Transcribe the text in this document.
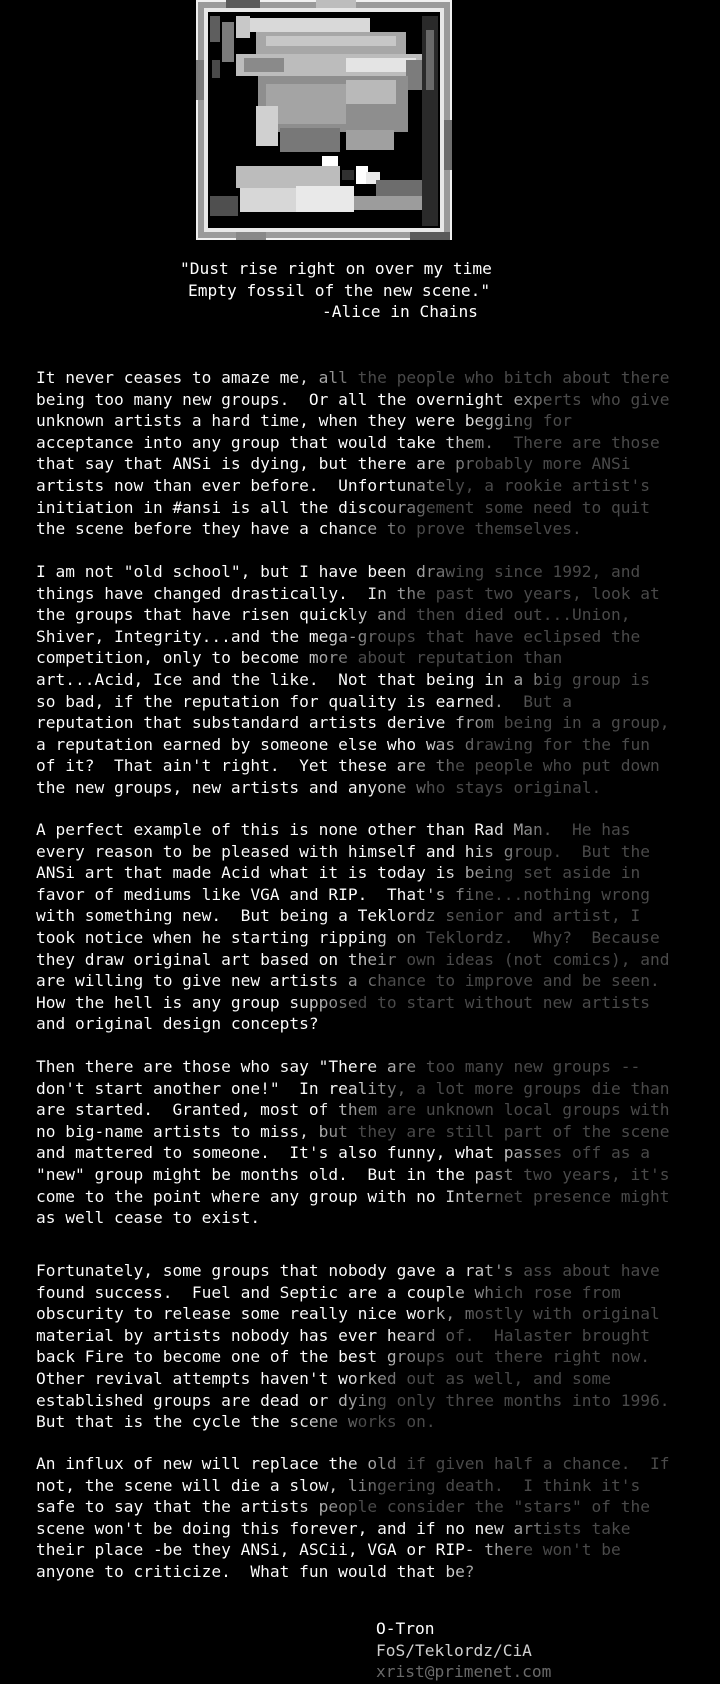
"Dust rise right on over my time
Empty fossil of the new scene."
-Alice in Chains
It never ceases to amaze me, all the people who bitch about there
being too many new groups.  Or all the overnight experts who give
unknown artists a hard time, when they were begging for
acceptance into any group that would take them.  There are those
that say that ANSi is dying, but there are probably more ANSi
artists now than ever before.  Unfortunately, a rookie artist's
initiation in #ansi is all the discouragement some need to quit
the scene before they have a chance to prove themselves.
I am not "old school", but I have been drawing since 1992, and
things have changed drastically.  In the past two years, look at
the groups that have risen quickly and then died out...Union,
Shiver, Integrity...and the mega-groups that have eclipsed the
competition, only to become more about reputation than
art...Acid, Ice and the like.  Not that being in a big group is
so bad, if the reputation for quality is earned.  But a
reputation that substandard artists derive from being in a group,
a reputation earned by someone else who was drawing for the fun
of it?  That ain't right.  Yet these are the people who put down
the new groups, new artists and anyone who stays original.
A perfect example of this is none other than Rad Man.  He has
every reason to be pleased with himself and his group.  But the
ANSi art that made Acid what it is today is being set aside in
favor of mediums like VGA and RIP.  That's fine...nothing wrong
with something new.  But being a Teklordz senior and artist, I
took notice when he starting ripping on Teklordz.  Why?  Because
they draw original art based on their own ideas (not comics), and
are willing to give new artists a chance to improve and be seen.
How the hell is any group supposed to start without new artists
and original design concepts?
Then there are those who say "There are too many new groups --
don't start another one!"  In reality, a lot more groups die than
are started.  Granted, most of them are unknown local groups with
no big-name artists to miss, but they are still part of the scene
and mattered to someone.  It's also funny, what passes off as a
"new" group might be months old.  But in the past two years, it's
come to the point where any group with no Internet presence might
as well cease to exist.
Fortunately, some groups that nobody gave a rat's ass about have
found success.  Fuel and Septic are a couple which rose from
obscurity to release some really nice work, mostly with original
material by artists nobody has ever heard of.  Halaster brought
back Fire to become one of the best groups out there right now.
Other revival attempts haven't worked out as well, and some
established groups are dead or dying only three months into 1996.
But that is the cycle the scene works on.
An influx of new will replace the old if given half a chance.  If
not, the scene will die a slow, lingering death.  I think it's
safe to say that the artists people consider the "stars" of the
scene won't be doing this forever, and if no new artists take
their place -be they ANSi, ASCii, VGA or RIP- there won't be
anyone to criticize.  What fun would that be?
O-Tron
FoS/Teklordz/CiA
xrist@primenet.com
